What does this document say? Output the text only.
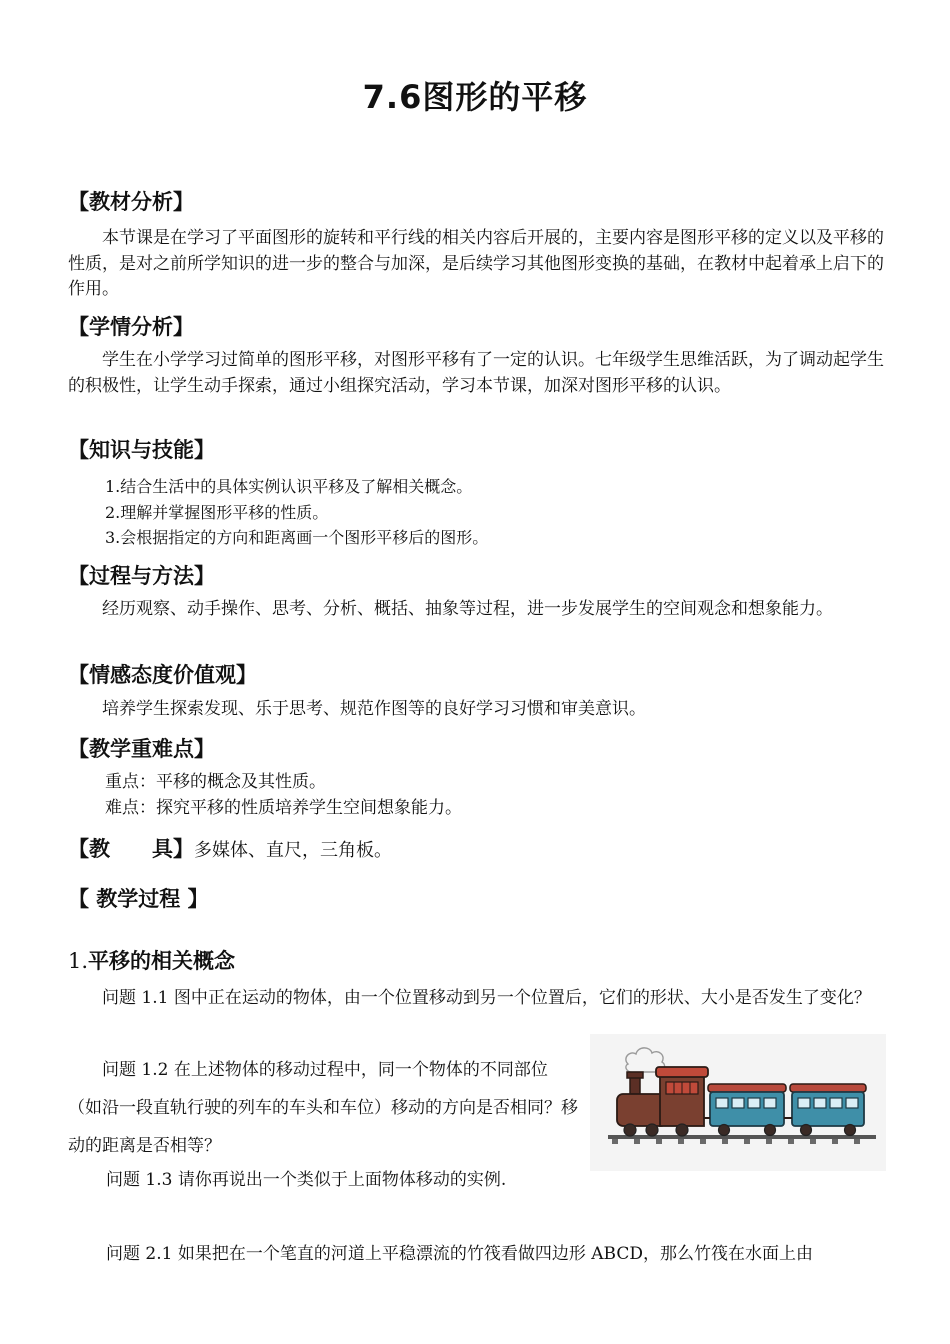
7.6图形的平移
【教材分析】
本节课是在学习了平面图形的旋转和平行线的相关内容后开展的，主要内容是图形平移的定义以及平移的性质，是对之前所学知识的进一步的整合与加深，是后续学习其他图形变换的基础，在教材中起着承上启下的作用。
【学情分析】
学生在小学学习过简单的图形平移，对图形平移有了一定的认识。七年级学生思维活跃，为了调动起学生的积极性，让学生动手探索，通过小组探究活动，学习本节课，加深对图形平移的认识。
【知识与技能】
1.结合生活中的具体实例认识平移及了解相关概念。
2.理解并掌握图形平移的性质。
3.会根据指定的方向和距离画一个图形平移后的图形。
【过程与方法】
经历观察、动手操作、思考、分析、概括、抽象等过程，进一步发展学生的空间观念和想象能力。
【情感态度价值观】
培养学生探索发现、乐于思考、规范作图等的良好学习习惯和审美意识。
【教学重难点】
重点：平移的概念及其性质。
难点：探究平移的性质培养学生空间想象能力。
【教　　具】多媒体、直尺，三角板。
【 教学过程 】
1.平移的相关概念
问题 1.1 图中正在运动的物体，由一个位置移动到另一个位置后，它们的形状、大小是否发生了变化？
问题 1.2 在上述物体的移动过程中，同一个物体的不同部位（如沿一段直轨行驶的列车的车头和车位）移动的方向是否相同？移动的距离是否相等？
问题 1.3 请你再说出一个类似于上面物体移动的实例.
问题 2.1 如果把在一个笔直的河道上平稳漂流的竹筏看做四边形 ABCD，那么竹筏在水面上由
